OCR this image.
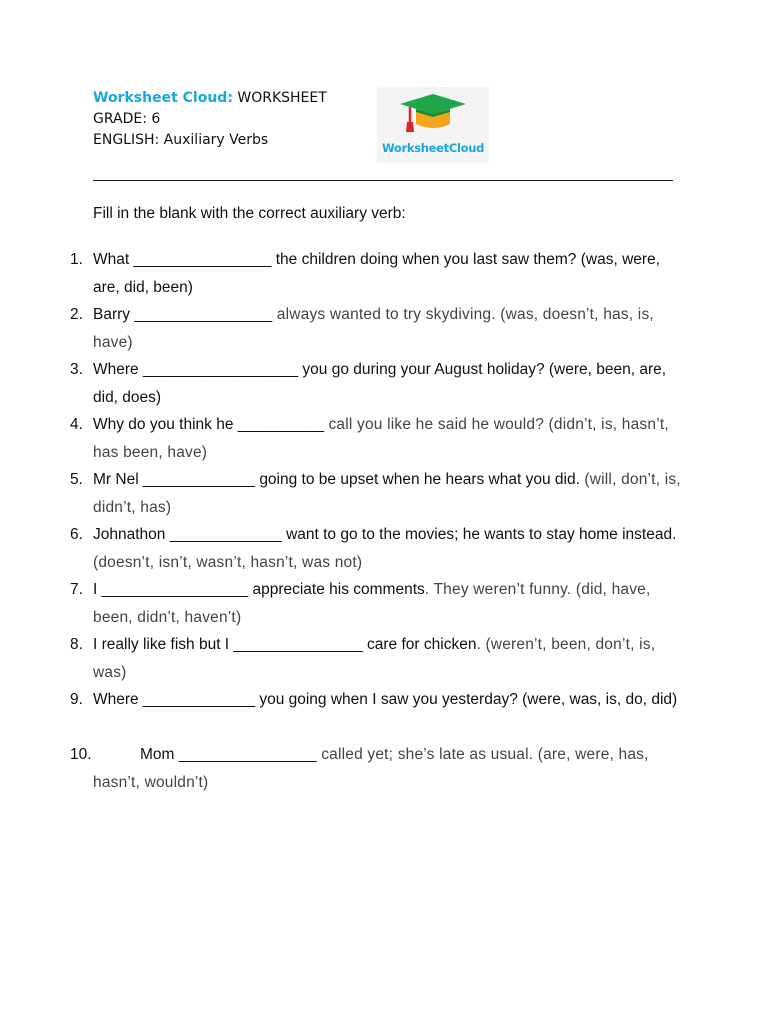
Worksheet Cloud: WORKSHEET
GRADE: 6
ENGLISH: Auxiliary Verbs	WorksheetCloud
Fill in the blank with the correct auxiliary verb:
1. What ________________ the children doing when you last saw them? (was, were, are, did, been)
2. Barry ________________ always wanted to try skydiving. (was, doesn’t, has, is, have)
3. Where __________________ you go during your August holiday? (were, been, are, did, does)
4. Why do you think he __________ call you like he said he would? (didn’t, is, hasn’t, has been, have)
5. Mr Nel _____________ going to be upset when he hears what you did. (will, don’t, is, didn’t, has)
6. Johnathon _____________ want to go to the movies; he wants to stay home instead. (doesn’t, isn’t, wasn’t, hasn’t, was not)
7. I _________________ appreciate his comments. They weren’t funny. (did, have, been, didn’t, haven’t)
8. I really like fish but I _______________ care for chicken. (weren’t, been, don’t, is, was)
9. Where _____________ you going when I saw you yesterday? (were, was, is, do, did)
10.	Mom ________________ called yet; she’s late as usual. (are, were, has, hasn’t, wouldn’t)
